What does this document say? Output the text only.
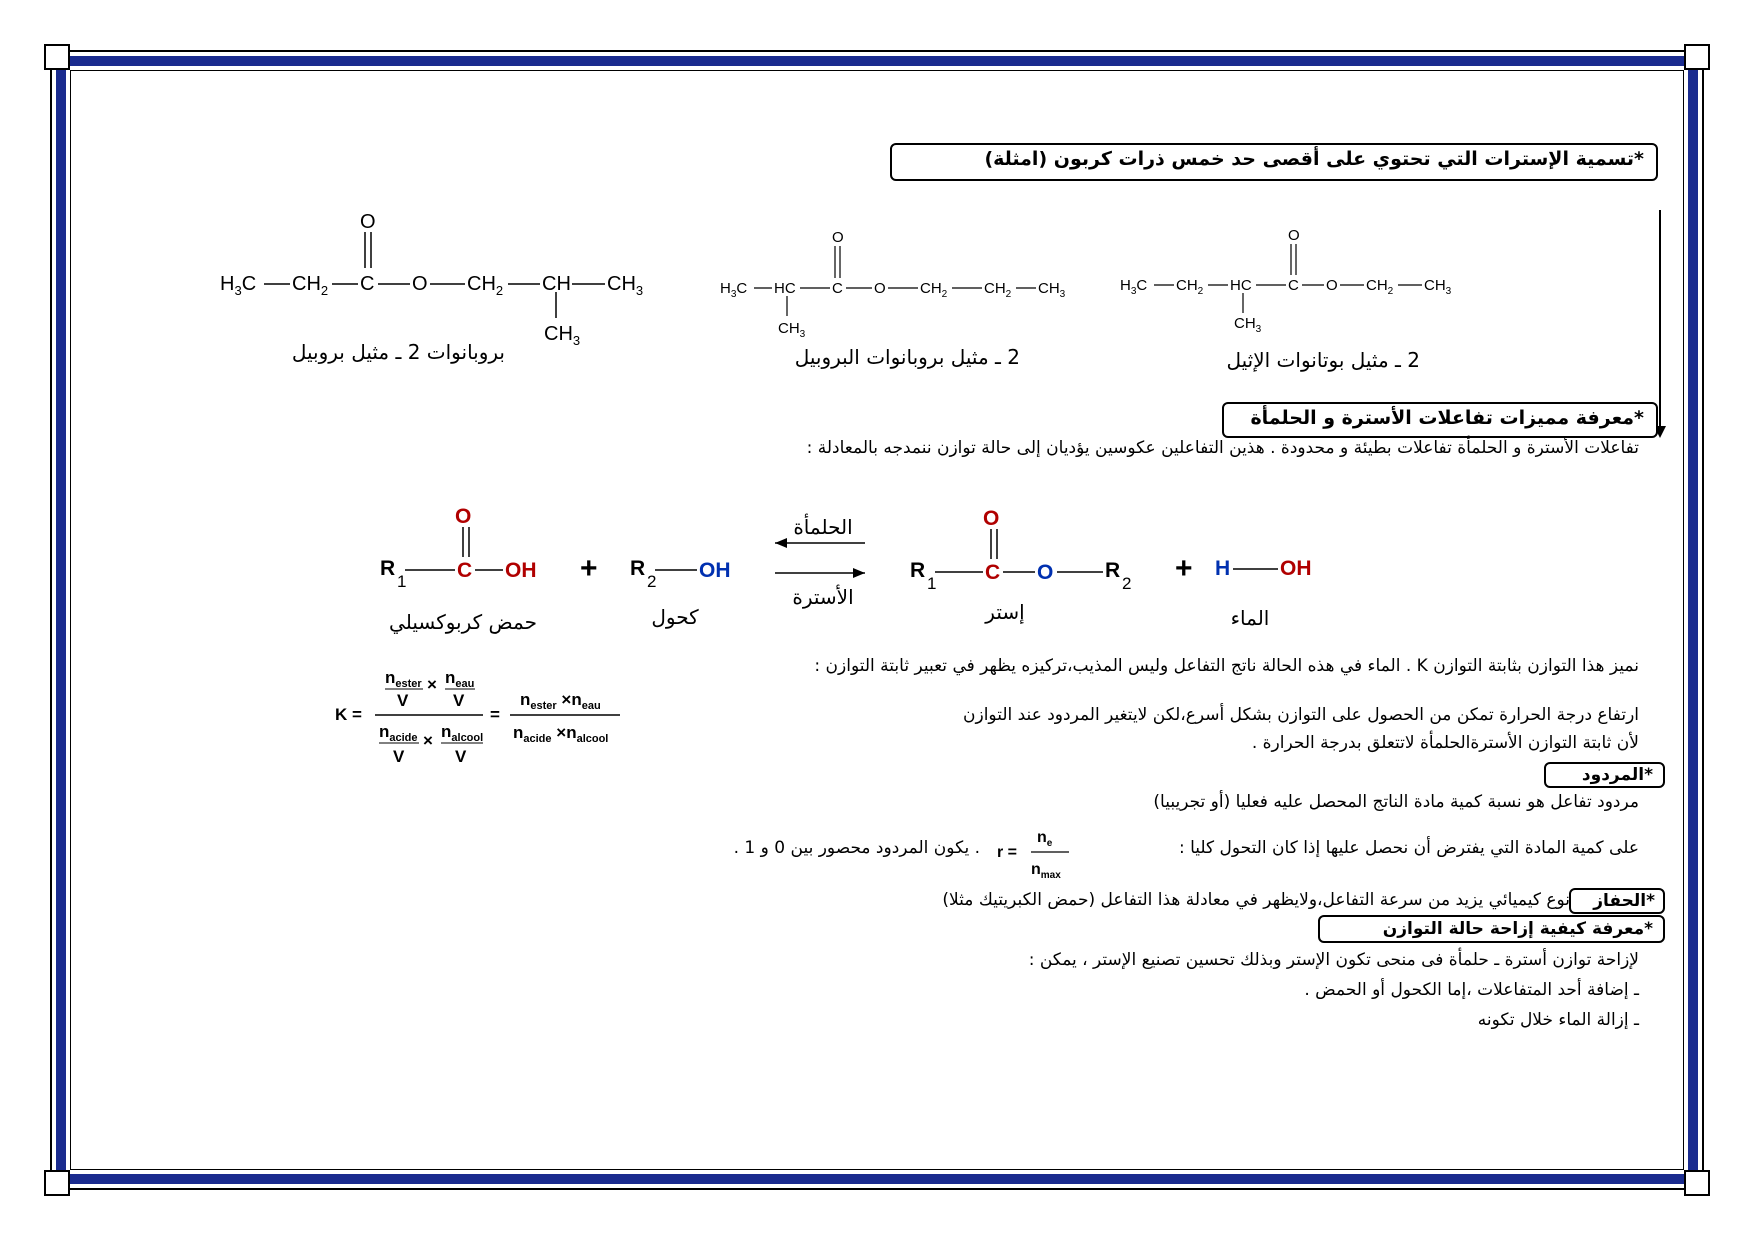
*تسمية الإسترات التي تحتوي على أقصى حد خمس ذرات كربون (امثلة)
$H_3C$ $CH_2$ C
O
O $CH_2$ CH
$CH_3$
$CH_3$
بروبانوات 2 ـ مثيل بروبيل
$H_3C$ HC
$CH_3$
C
O
O $CH_2$ $CH_2$ $CH_3$
2 ـ مثيل بروبانوات البروبيل
$H_3C$ $CH_2$ HC
$CH_3$
C
O
O $CH_2$ $CH_3$
2 ـ مثيل بوتانوات الإثيل
*معرفة مميزات تفاعلات الأسترة و الحلمأة
تفاعلات الأسترة و الحلمأة تفاعلات بطيئة و محدودة . هذين التفاعلين عكوسين يؤديان إلى حالة توازن ننمدجه بالمعادلة :
R
1 C
O
OH + R
2 OH	R
1 C
O
O R
2 + H OH
الحلمأة
الأسترة
حمض كربوكسيلي	كحول	إستر	الماء
نميز هذا التوازن بثابتة التوازن K . الماء في هذه الحالة ناتج التفاعل وليس المذيب،تركيزه يظهر في تعبير ثابتة التوازن :
K =
$n_{ester} \times n_{eau}$
V	V
$n_{acide} \times n_{alcool}$
V	V
=
$n_{ester} \times n_{eau}$
$n_{acide} \times n_{alcool}$
ارتفاع درجة الحرارة تمكن من الحصول على التوازن بشكل أسرع،لكن لايتغير المردود عند التوازن
لأن ثابتة التوازن الأسترةالحلمأة لاتتعلق بدرجة الحرارة .
*المردود
مردود تفاعل هو نسبة كمية مادة الناتج المحصل عليه فعليا (أو تجريبيا)
على كمية المادة التي يفترض أن نحصل عليها إذا كان التحول كليا :
r =
$n_e$
$n_{max}$
. يكون المردود محصور بين 0 و 1 .
*الحفاز
نوع كيميائي يزيد من سرعة التفاعل،ولايظهر في معادلة هذا التفاعل (حمض الكبريتيك مثلا)
*معرفة كيفية إزاحة حالة التوازن
لإزاحة توازن أسترة ـ حلمأة فى منحى تكون الإستر وبذلك تحسين تصنيع الإستر ، يمكن :
ـ إضافة أحد المتفاعلات ،إما الكحول أو الحمض .
ـ إزالة الماء خلال تكونه
